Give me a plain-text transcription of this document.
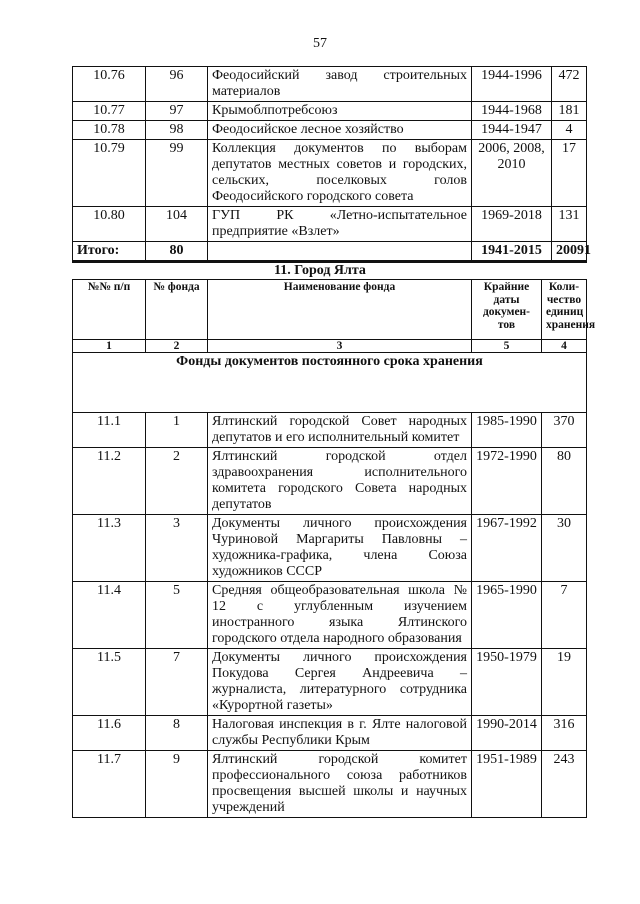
57
10.76	96	Феодосийский завод строительных материалов	1944-1996	472
10.77	97	Крымоблпотребсоюз	1944-1968	181
10.78	98	Феодосийское лесное хозяйство	1944-1947	4
10.79	99	Коллекция документов по выборам депутатов местных советов и городских, сельских, поселковых голов Феодосийского городского совета	2006, 2008, 2010	17
10.80	104	ГУП РК «Летно-испытательное предприятие «Взлет»	1969-2018	131
Итого:	80		1941-2015	20091
11. Город Ялта
№№ п/п	№ фонда	Наименование фонда	Крайние даты докумен-тов	Коли-чество единиц хранения
1	2	3	5	4
Фонды документов постоянного срока хранения				
11.1	1	Ялтинский городской Совет народных депутатов и его исполнительный комитет	1985-1990	370
11.2	2	Ялтинский городской отдел здравоохранения исполнительного комитета городского Совета народных депутатов	1972-1990	80
11.3	3	Документы личного происхождения Чуриновой Маргариты Павловны – художника-графика, члена Союза художников СССР	1967-1992	30
11.4	5	Средняя общеобразовательная школа № 12 с углубленным изучением иностранного языка Ялтинского городского отдела народного образования	1965-1990	7
11.5	7	Документы личного происхождения Покудова Сергея Андреевича – журналиста, литературного сотрудника «Курортной газеты»	1950-1979	19
11.6	8	Налоговая инспекция в г. Ялте налоговой службы Республики Крым	1990-2014	316
11.7	9	Ялтинский городской комитет профессионального союза работников просвещения высшей школы и научных учреждений	1951-1989	243
